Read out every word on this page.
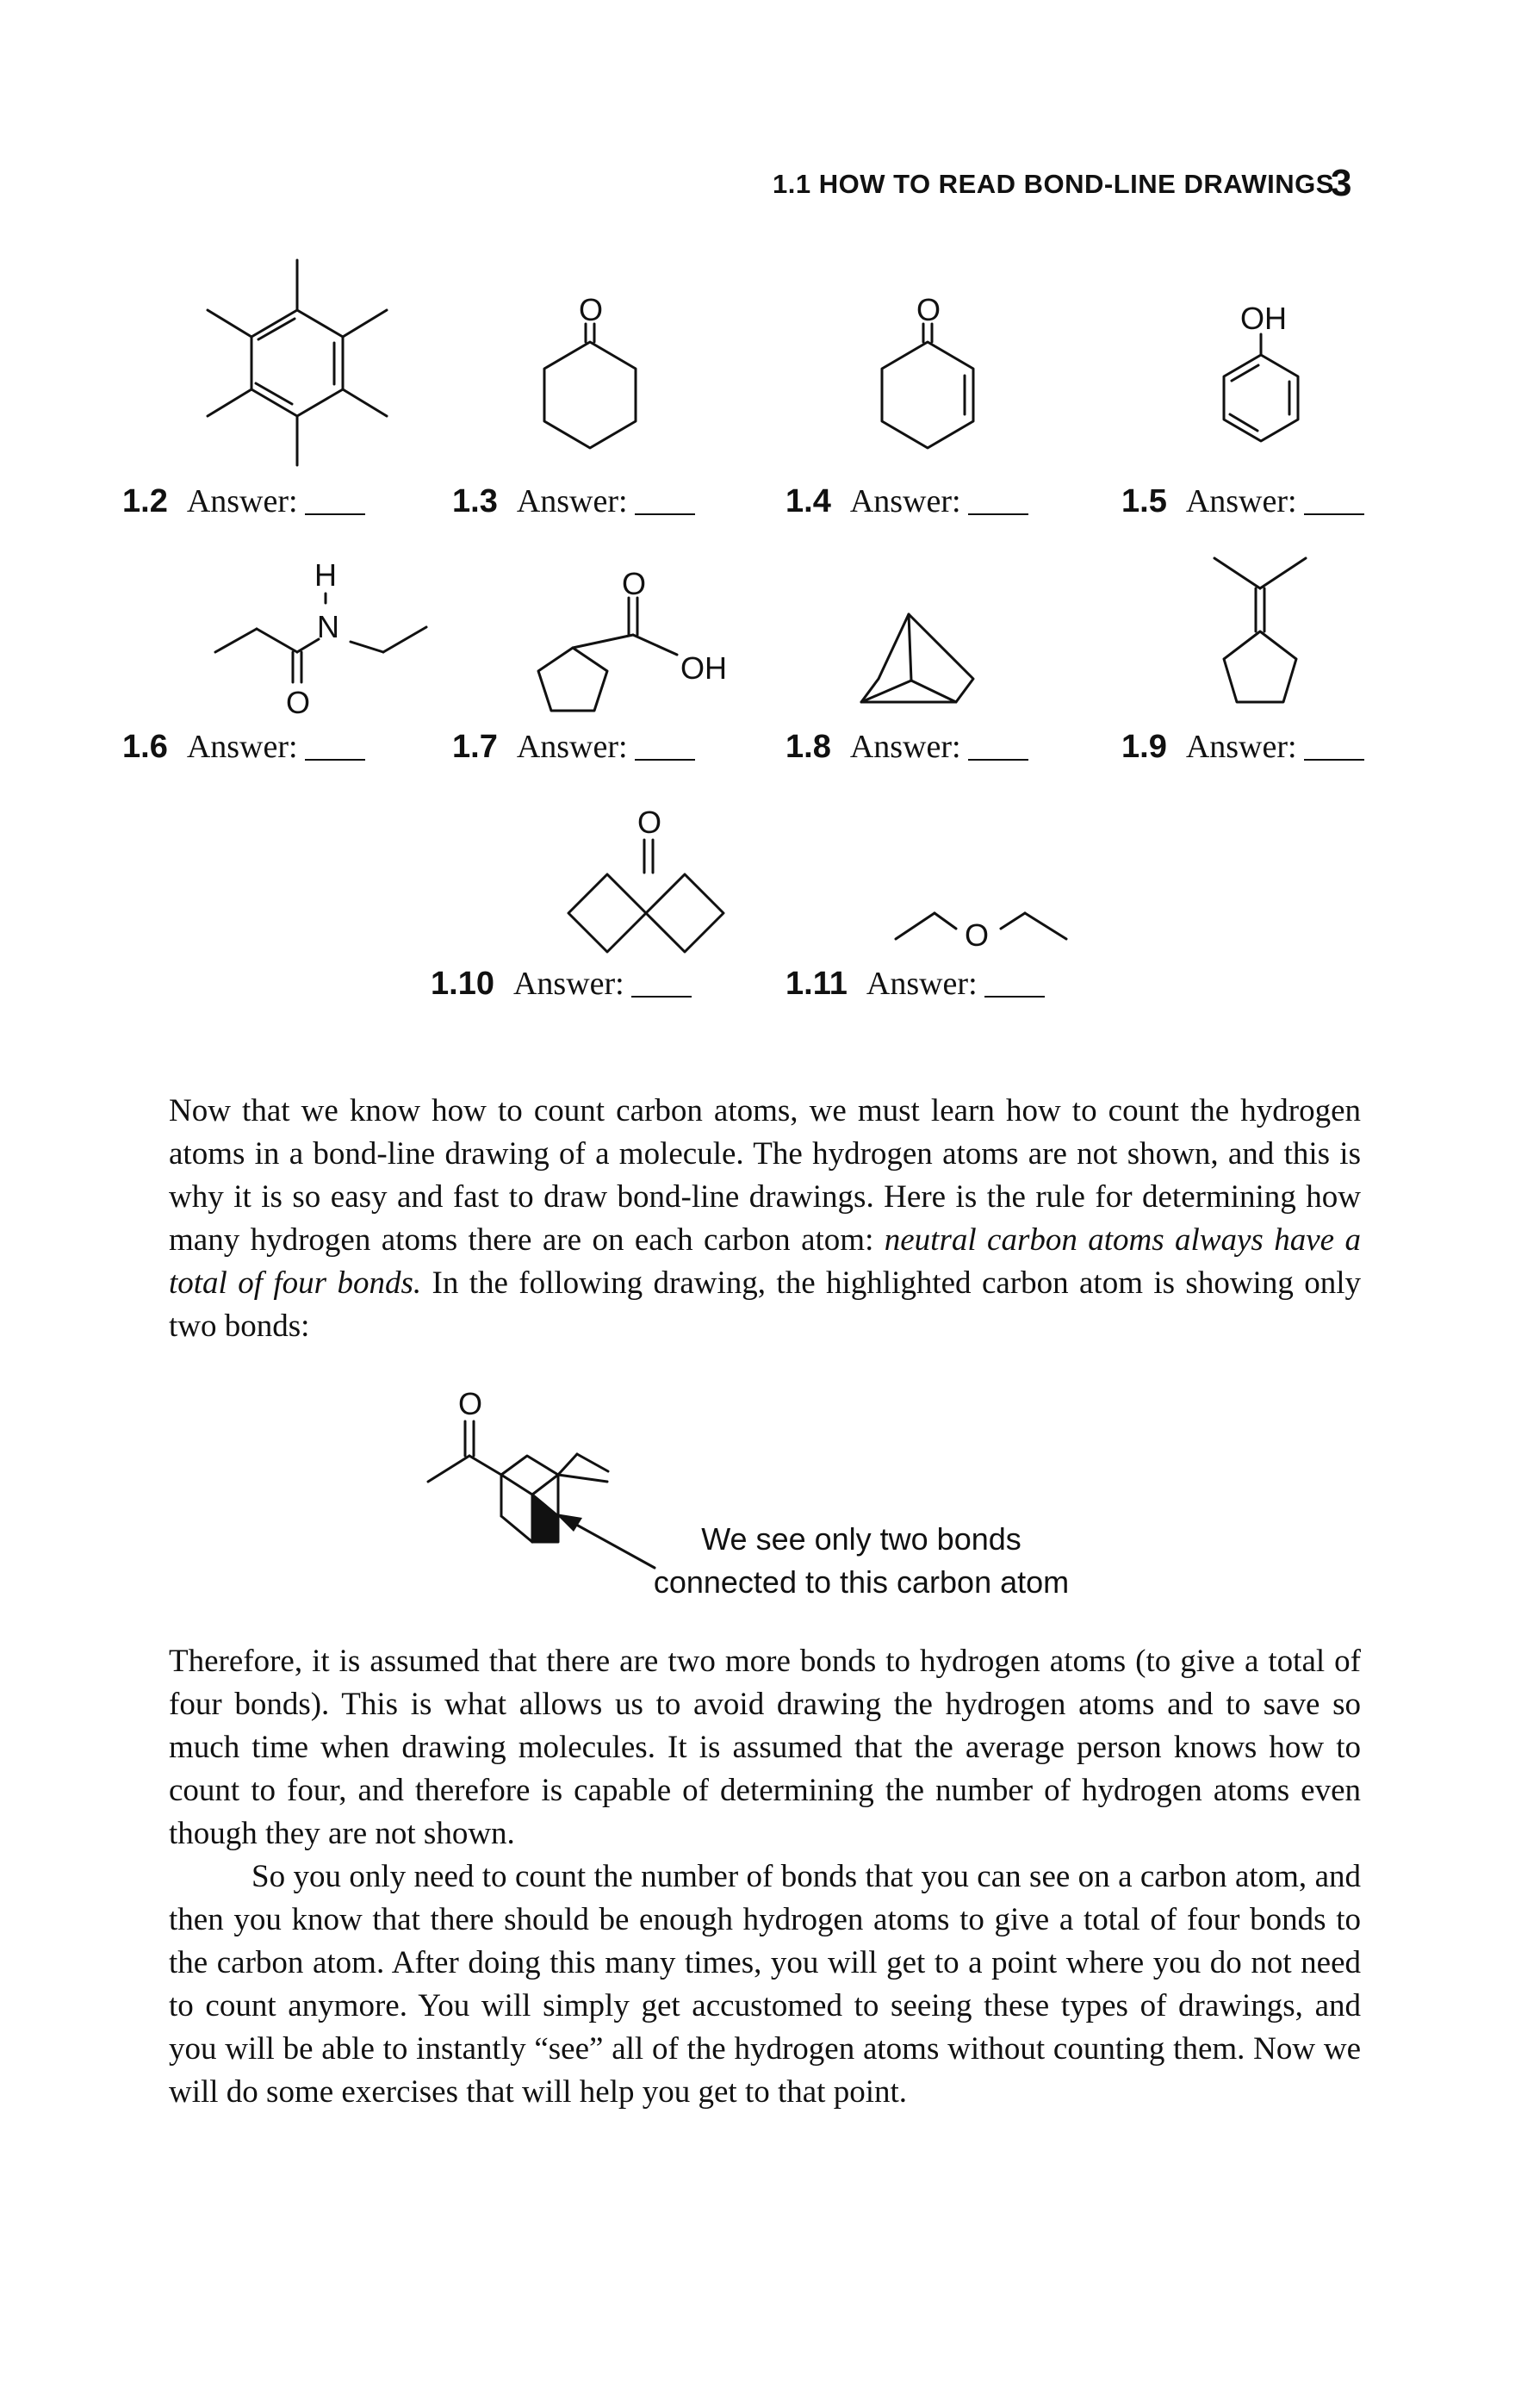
1.1 HOW TO READ BOND-LINE DRAWINGS
3
O	O	OH
H
N
O
O
OH
O
O
O
1.2 Answer:	1.3 Answer:	1.4 Answer:	1.5 Answer:
1.6 Answer:	1.7 Answer:	1.8 Answer:	1.9 Answer:
1.10 Answer:	1.11 Answer:
Now that we know how to count carbon atoms, we must learn how to count the hydrogen atoms in a bond-line drawing of a molecule. The hydrogen atoms are not shown, and this is why it is so easy and fast to draw bond-line drawings. Here is the rule for determining how many hydrogen atoms there are on each carbon atom: neutral carbon atoms always have a total of four bonds. In the following drawing, the highlighted carbon atom is showing only two bonds:
We see only two bonds
connected to this carbon atom
Therefore, it is assumed that there are two more bonds to hydrogen atoms (to give a total of four bonds). This is what allows us to avoid drawing the hydrogen atoms and to save so much time when drawing molecules. It is assumed that the average person knows how to count to four, and therefore is capable of determining the number of hydrogen atoms even though they are not shown.
So you only need to count the number of bonds that you can see on a carbon atom, and then you know that there should be enough hydrogen atoms to give a total of four bonds to the carbon atom. After doing this many times, you will get to a point where you do not need to count anymore. You will simply get accustomed to seeing these types of drawings, and you will be able to instantly “see” all of the hydrogen atoms without counting them. Now we will do some exercises that will help you get to that point.
